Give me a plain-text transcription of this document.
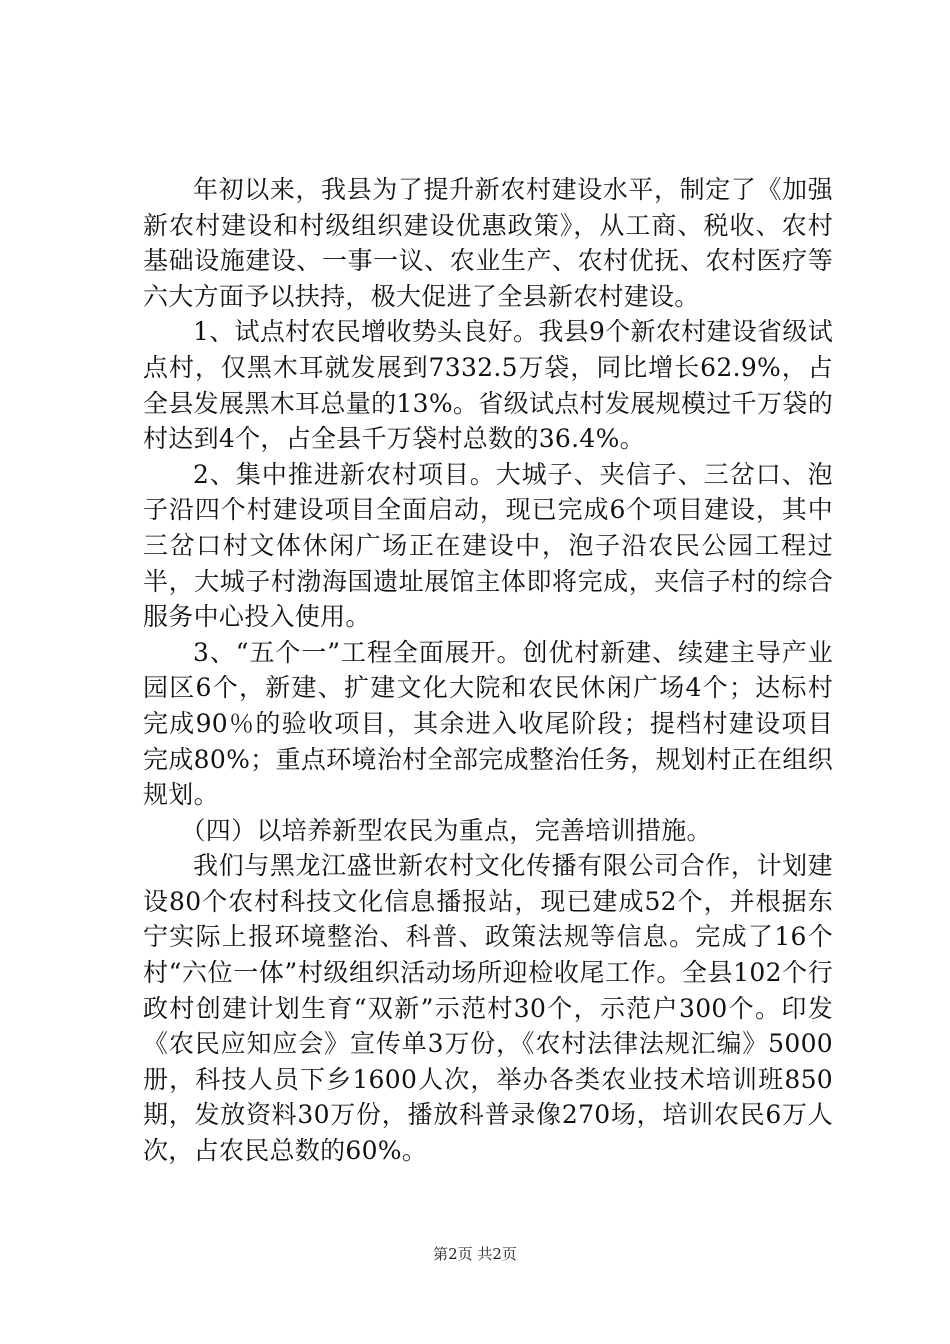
年初以来，我县为了提升新农村建设水平，制定了《加强新农村建设和村级组织建设优惠政策》，从工商、税收、农村基础设施建设、一事一议、农业生产、农村优抚、农村医疗等六大方面予以扶持，极大促进了全县新农村建设。

1、试点村农民增收势头良好。我县9个新农村建设省级试点村，仅黑木耳就发展到7332.5万袋，同比增长62.9%，占全县发展黑木耳总量的13%。省级试点村发展规模过千万袋的村达到4个，占全县千万袋村总数的36.4%。

2、集中推进新农村项目。大城子、夹信子、三岔口、泡子沿四个村建设项目全面启动，现已完成6个项目建设，其中三岔口村文体休闲广场正在建设中，泡子沿农民公园工程过半，大城子村渤海国遗址展馆主体即将完成，夹信子村的综合服务中心投入使用。

3、“五个一”工程全面展开。创优村新建、续建主导产业园区6个，新建、扩建文化大院和农民休闲广场4个；达标村完成90％的验收项目，其余进入收尾阶段；提档村建设项目完成80%；重点环境治村全部完成整治任务，规划村正在组织规划。

（四）以培养新型农民为重点，完善培训措施。

我们与黑龙江盛世新农村文化传播有限公司合作，计划建设80个农村科技文化信息播报站，现已建成52个，并根据东宁实际上报环境整治、科普、政策法规等信息。完成了16个村“六位一体”村级组织活动场所迎检收尾工作。全县102个行政村创建计划生育“双新”示范村30个，示范户300个。印发《农民应知应会》宣传单3万份，《农村法律法规汇编》5000册，科技人员下乡1600人次，举办各类农业技术培训班850期，发放资料30万份，播放科普录像270场，培训农民6万人次，占农民总数的60%。

第2页 共2页
